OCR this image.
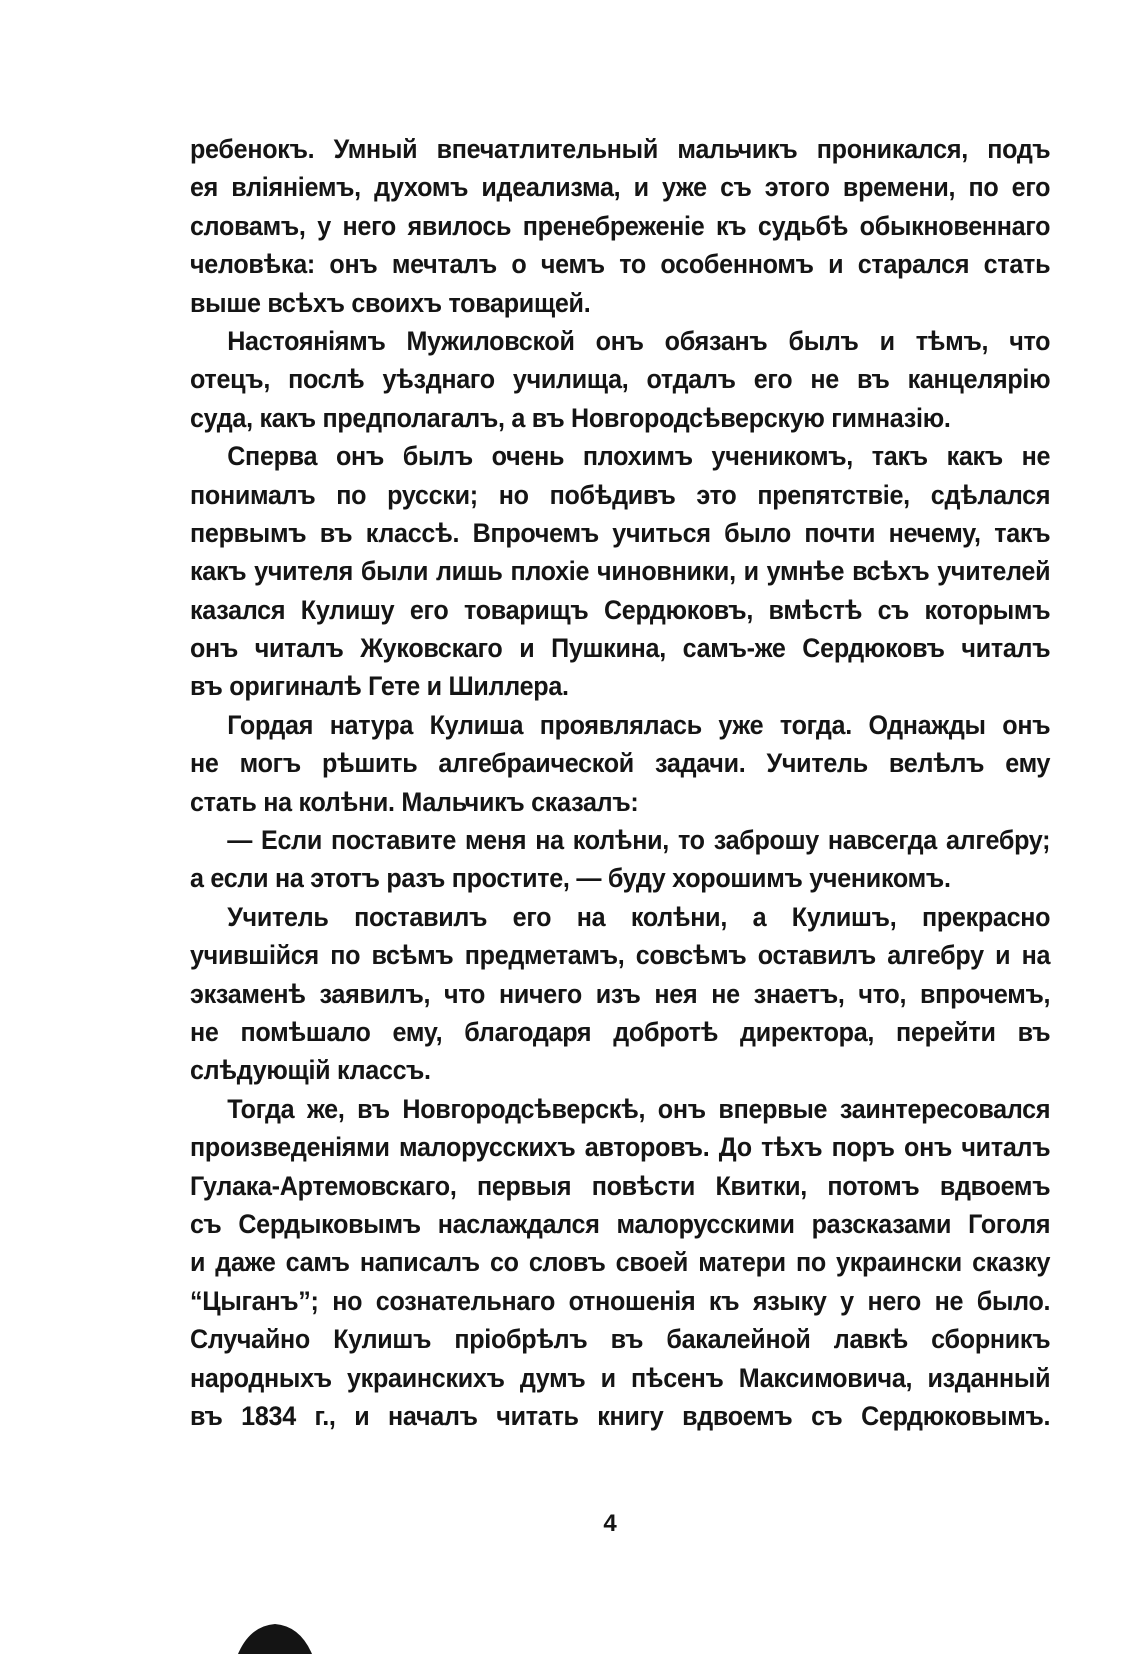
ребенокъ. Умный впечатлительный мальчикъ проникался, подъ
ея вліяніемъ, духомъ идеализма, и уже съ этого времени, по его
словамъ, у него явилось пренебреженіе къ судьбѣ обыкновеннаго
человѣка: онъ мечталъ о чемъ то особенномъ и старался стать
выше всѣхъ своихъ товарищей.
Настояніямъ Мужиловской онъ обязанъ былъ и тѣмъ, что
отецъ, послѣ уѣзднаго училища, отдалъ его не въ канцелярію
суда, какъ предполагалъ, а въ Новгородсѣверскую гимназію.
Сперва онъ былъ очень плохимъ ученикомъ, такъ какъ не
понималъ по русски; но побѣдивъ это препятствіе, сдѣлался
первымъ въ классѣ. Впрочемъ учиться было почти нечему, такъ
какъ учителя были лишь плохіе чиновники, и умнѣе всѣхъ учителей
казался Кулишу его товарищъ Сердюковъ, вмѣстѣ съ которымъ
онъ читалъ Жуковскаго и Пушкина, самъ-же Сердюковъ читалъ
въ оригиналѣ Гете и Шиллера.
Гордая натура Кулиша проявлялась уже тогда. Однажды онъ
не могъ рѣшить алгебраической задачи. Учитель велѣлъ ему
стать на колѣни. Мальчикъ сказалъ:
— Если поставите меня на колѣни, то заброшу навсегда алгебру;
а если на этотъ разъ простите, — буду хорошимъ ученикомъ.
Учитель поставилъ его на колѣни, а Кулишъ, прекрасно
учившійся по всѣмъ предметамъ, совсѣмъ оставилъ алгебру и на
экзаменѣ заявилъ, что ничего изъ нея не знаетъ, что, впрочемъ,
не помѣшало ему, благодаря добротѣ директора, перейти въ
слѣдующій классъ.
Тогда же, въ Новгородсѣверскѣ, онъ впервые заинтересовался
произведеніями малорусскихъ авторовъ. До тѣхъ поръ онъ читалъ
Гулака-Артемовскаго, первыя повѣсти Квитки, потомъ вдвоемъ
съ Сердыковымъ наслаждался малорусскими разсказами Гоголя
и даже самъ написалъ со словъ своей матери по украински сказку
“Цыганъ”; но сознательнаго отношенія къ языку у него не было.
Случайно Кулишъ пріобрѣлъ въ бакалейной лавкѣ сборникъ
народныхъ украинскихъ думъ и пѣсенъ Максимовича, изданный
въ 1834 г., и началъ читать книгу вдвоемъ съ Сердюковымъ.
4
